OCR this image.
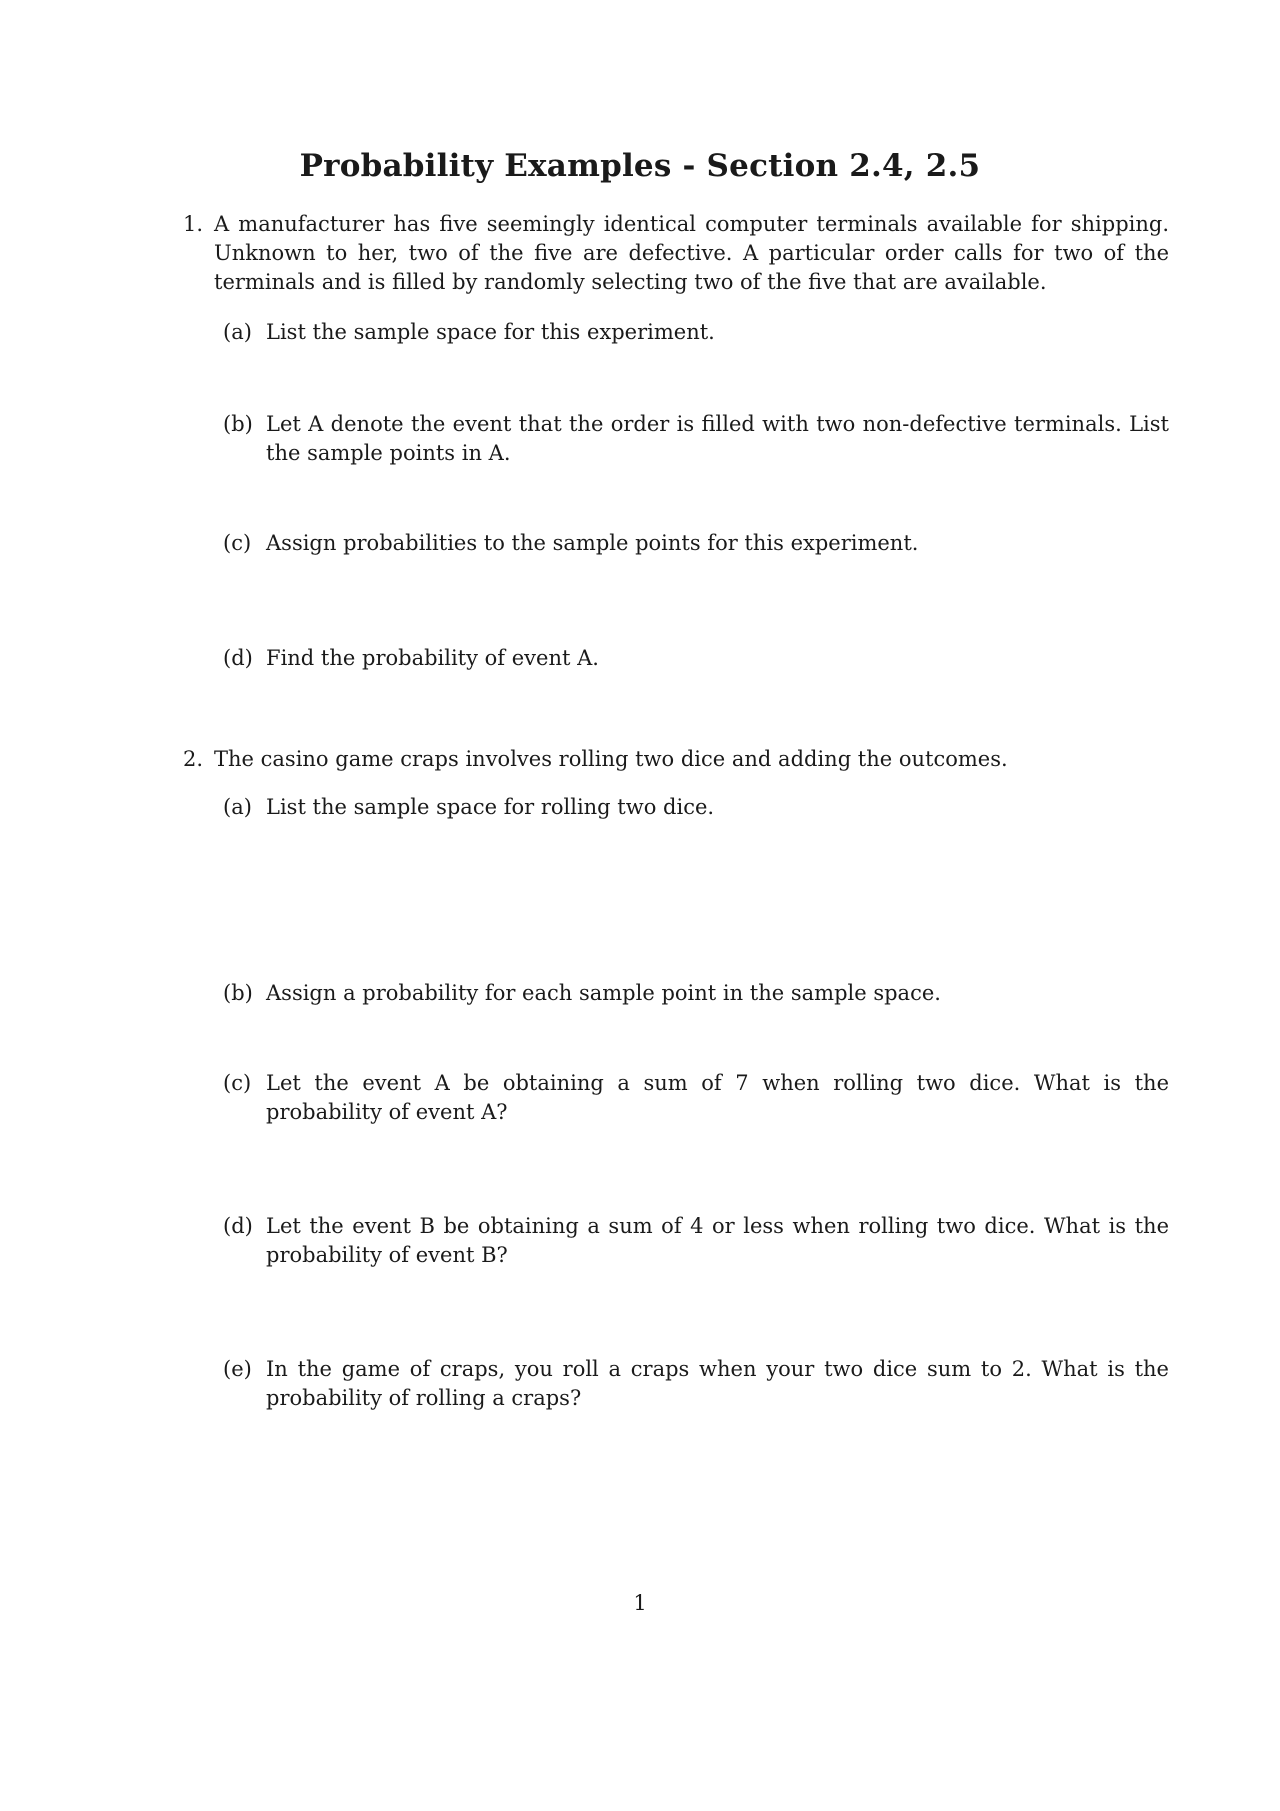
Probability Examples - Section 2.4, 2.5
1. A manufacturer has five seemingly identical computer terminals available for shipping. Unknown to her, two of the five are defective. A particular order calls for two of the terminals and is filled by randomly selecting two of the five that are available.
(a) List the sample space for this experiment.
(b) Let A denote the event that the order is filled with two non-defective terminals. List the sample points in A.
(c) Assign probabilities to the sample points for this experiment.
(d) Find the probability of event A.
2. The casino game craps involves rolling two dice and adding the outcomes.
(a) List the sample space for rolling two dice.
(b) Assign a probability for each sample point in the sample space.
(c) Let the event A be obtaining a sum of 7 when rolling two dice. What is the probability of event A?
(d) Let the event B be obtaining a sum of 4 or less when rolling two dice. What is the probability of event B?
(e) In the game of craps, you roll a craps when your two dice sum to 2. What is the probability of rolling a craps?
1
